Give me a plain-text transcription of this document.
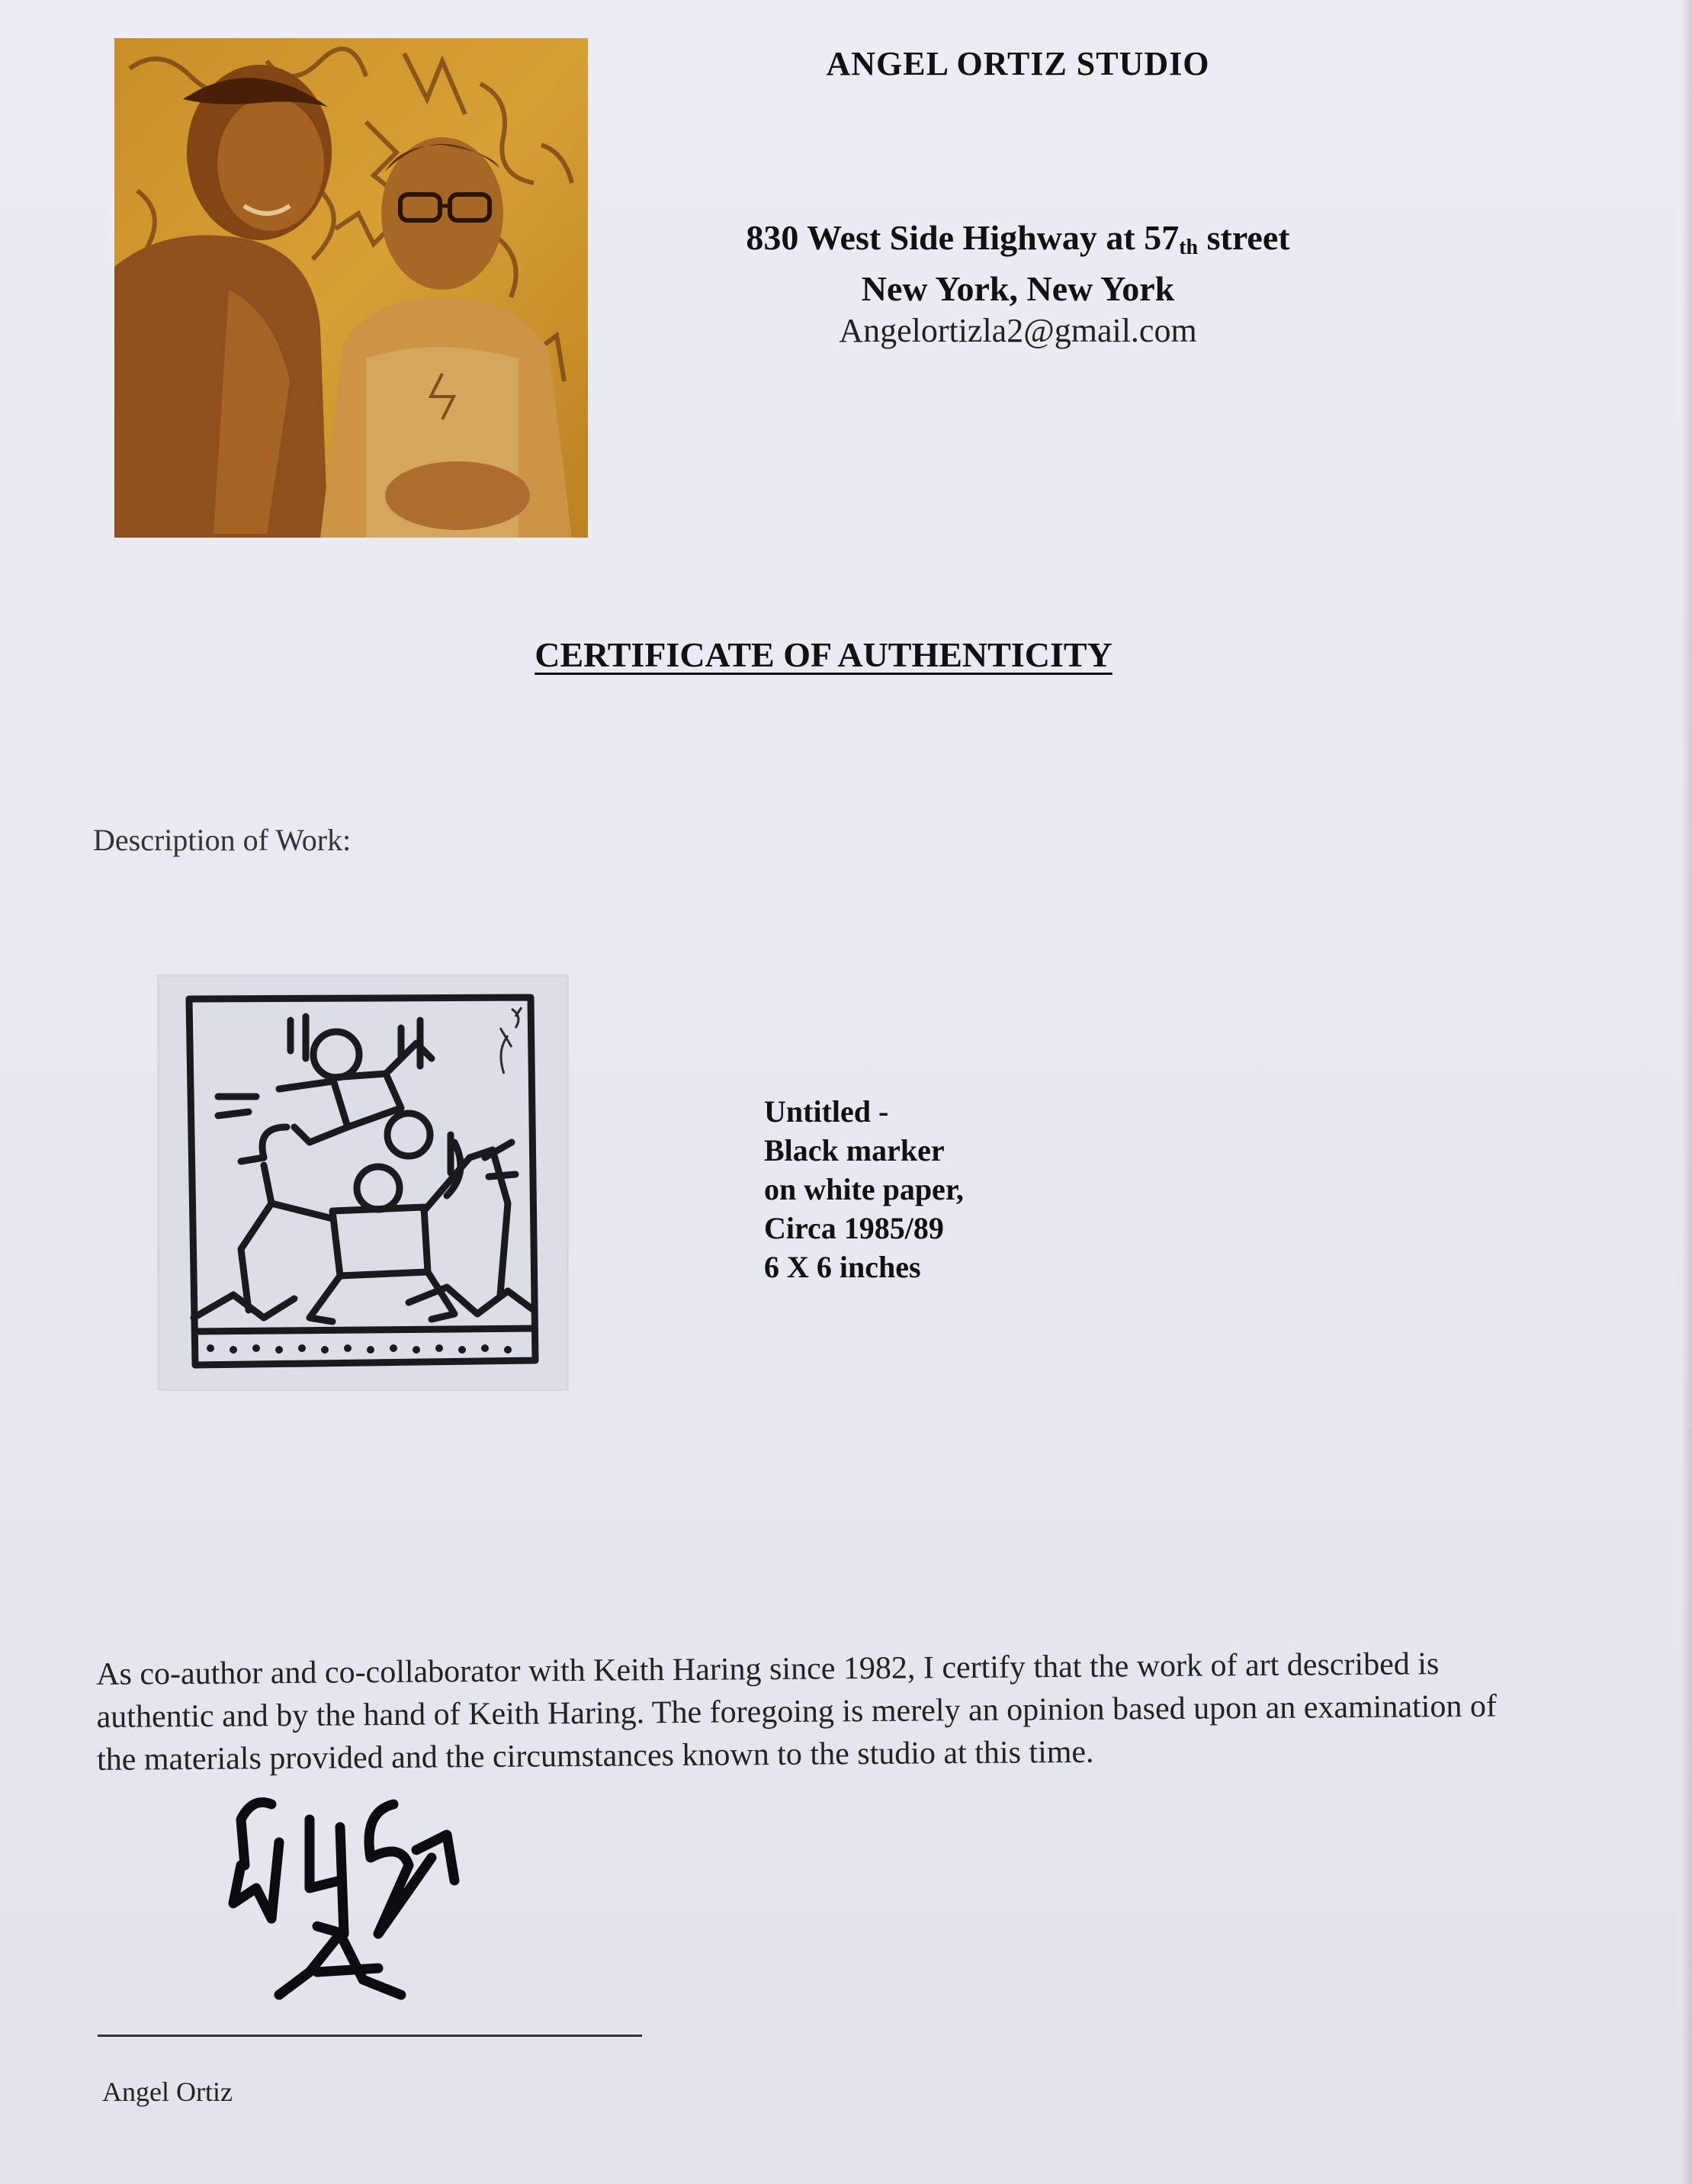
ANGEL ORTIZ STUDIO
830 West Side Highway at 57th street
New York, New York
Angelortizla2@gmail.com
CERTIFICATE OF AUTHENTICITY
Description of Work:
Untitled -
Black marker
on white paper,
Circa 1985/89
6 X 6 inches
As co-author and co-collaborator with Keith Haring since 1982, I certify that the work of art described is authentic and by the hand of Keith Haring. The foregoing is merely an opinion based upon an examination of the materials provided and the circumstances known to the studio at this time.
Angel Ortiz
